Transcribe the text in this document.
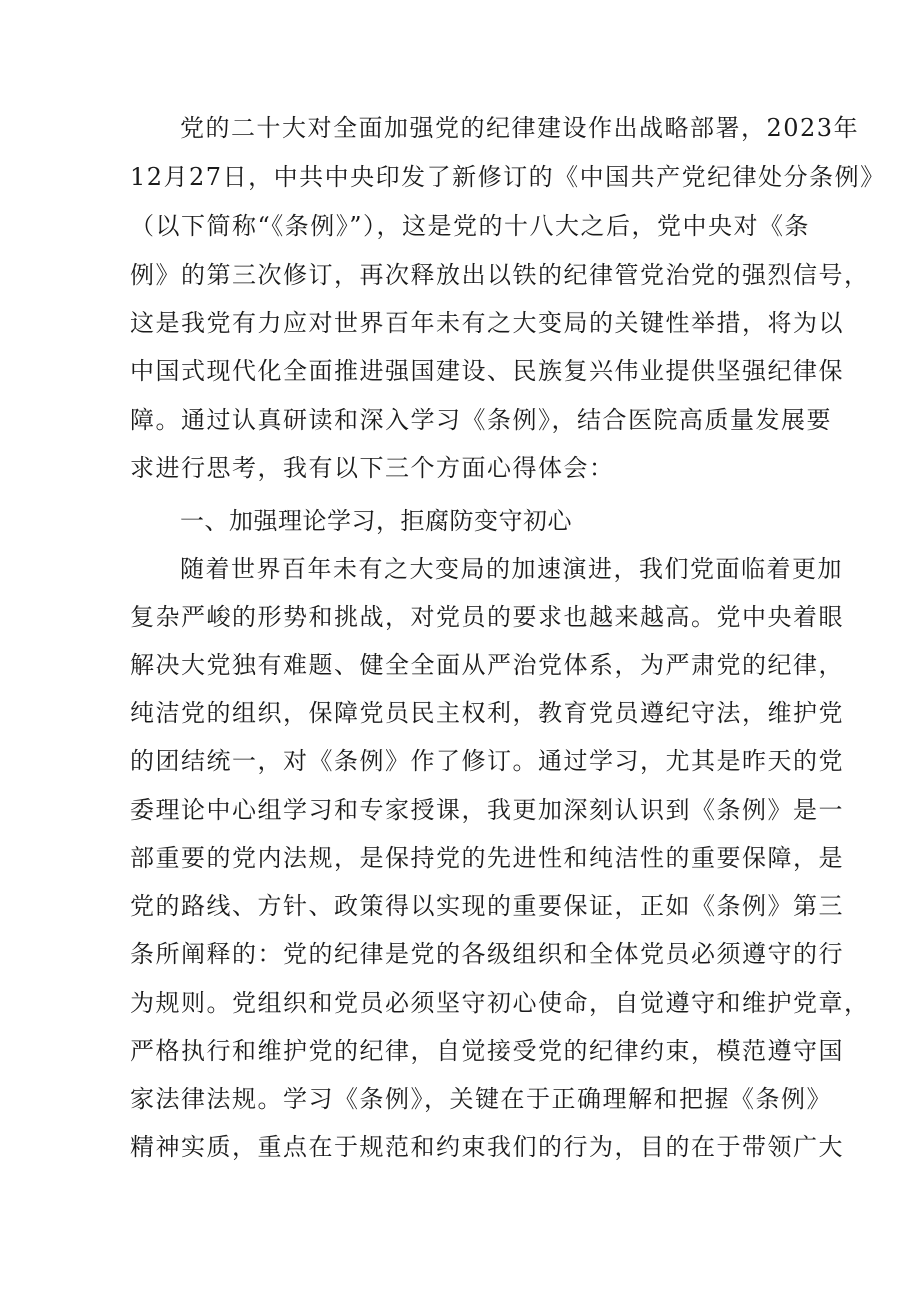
党的二十大对全面加强党的纪律建设作出战略部署，2023年
12月27日，中共中央印发了新修订的《中国共产党纪律处分条例》
（以下简称“《条例》”），这是党的十八大之后，党中央对《条
例》的第三次修订，再次释放出以铁的纪律管党治党的强烈信号，
这是我党有力应对世界百年未有之大变局的关键性举措，将为以
中国式现代化全面推进强国建设、民族复兴伟业提供坚强纪律保
障。通过认真研读和深入学习《条例》，结合医院高质量发展要
求进行思考，我有以下三个方面心得体会：
一、加强理论学习，拒腐防变守初心
随着世界百年未有之大变局的加速演进，我们党面临着更加
复杂严峻的形势和挑战，对党员的要求也越来越高。党中央着眼
解决大党独有难题、健全全面从严治党体系，为严肃党的纪律，
纯洁党的组织，保障党员民主权利，教育党员遵纪守法，维护党
的团结统一，对《条例》作了修订。通过学习，尤其是昨天的党
委理论中心组学习和专家授课，我更加深刻认识到《条例》是一
部重要的党内法规，是保持党的先进性和纯洁性的重要保障，是
党的路线、方针、政策得以实现的重要保证，正如《条例》第三
条所阐释的：党的纪律是党的各级组织和全体党员必须遵守的行
为规则。党组织和党员必须坚守初心使命，自觉遵守和维护党章，
严格执行和维护党的纪律，自觉接受党的纪律约束，模范遵守国
家法律法规。学习《条例》，关键在于正确理解和把握《条例》
精神实质，重点在于规范和约束我们的行为，目的在于带领广大
